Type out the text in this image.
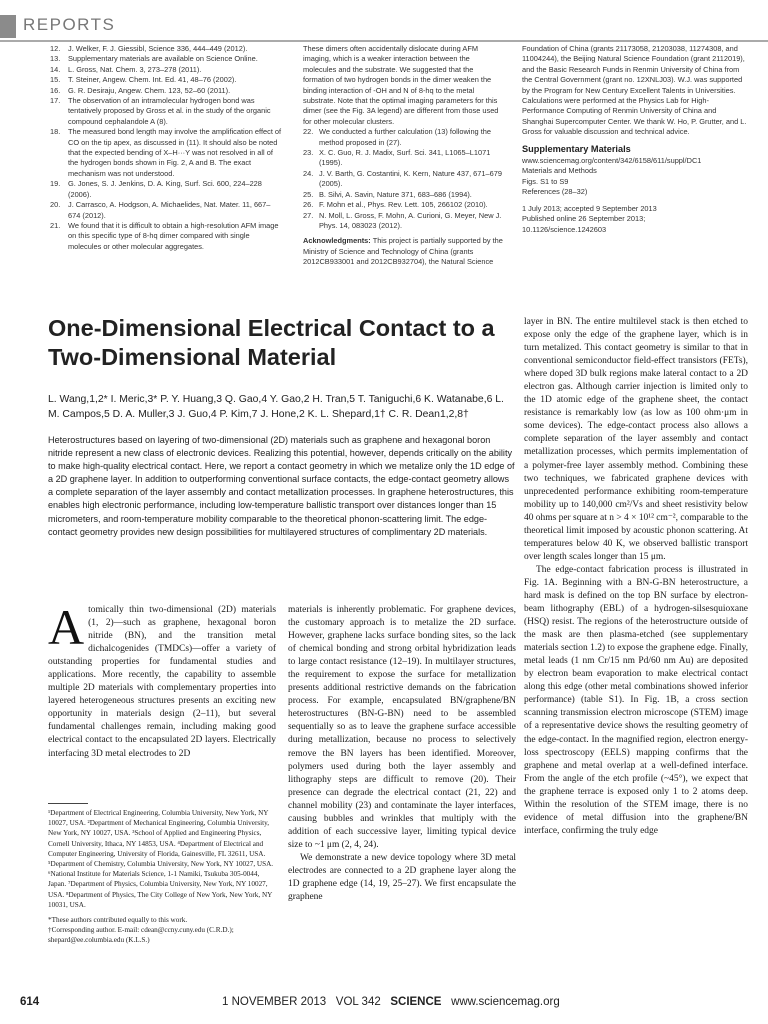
REPORTS
12. J. Welker, F. J. Giessibl, Science 336, 444–449 (2012).
13. Supplementary materials are available on Science Online.
14. L. Gross, Nat. Chem. 3, 273–278 (2011).
15. T. Steiner, Angew. Chem. Int. Ed. 41, 48–76 (2002).
16. G. R. Desiraju, Angew. Chem. 123, 52–60 (2011).
17. The observation of an intramolecular hydrogen bond was tentatively proposed by Gross et al. in the study of the organic compound cephalandole A (8).
18. The measured bond length may involve the amplification effect of CO on the tip apex, as discussed in (11). It should also be noted that the expected bending of X–H···Y was not resolved in all of the hydrogen bonds shown in Fig. 2, A and B. The exact mechanism was not understood.
19. G. Jones, S. J. Jenkins, D. A. King, Surf. Sci. 600, 224–228 (2006).
20. J. Carrasco, A. Hodgson, A. Michaelides, Nat. Mater. 11, 667–674 (2012).
21. We found that it is difficult to obtain a high-resolution AFM image on this specific type of 8-hq dimer compared with single molecules or other molecular aggregates.

These dimers often accidentally dislocate during AFM imaging, which is a weaker interaction between the molecules and the substrate. We suggested that the formation of two hydrogen bonds in the dimer weaken the binding interaction of -OH and N of 8-hq to the metal substrate. Note that the optimal imaging parameters for this dimer (see the Fig. 3A legend) are different from those used for other molecular clusters.

22. We conducted a further calculation (13) following the method proposed in (27).
23. X. C. Guo, R. J. Madix, Surf. Sci. 341, L1065–L1071 (1995).
24. J. V. Barth, G. Costantini, K. Kern, Nature 437, 671–679 (2005).
25. B. Silvi, A. Savin, Nature 371, 683–686 (1994).
26. F. Mohn et al., Phys. Rev. Lett. 105, 266102 (2010).
27. N. Moll, L. Gross, F. Mohn, A. Curioni, G. Meyer, New J. Phys. 14, 083023 (2012).

Acknowledgments: This project is partially supported by the Ministry of Science and Technology of China (grants 2012CB933001 and 2012CB932704), the Natural Science

Foundation of China (grants 21173058, 21203038, 11274308, and 11004244), the Beijing Natural Science Foundation (grant 2112019), and the Basic Research Funds in Renmin University of China from the Central Government (grant no. 12XNLJ03). W.J. was supported by the Program for New Century Excellent Talents in Universities. Calculations were performed at the Physics Lab for High-Performance Computing of Renmin University of China and Shanghai Supercomputer Center. We thank W. Ho, P. Grutter, and L. Gross for valuable discussion and technical advice.

Supplementary Materials

www.sciencemag.org/content/342/6158/611/suppl/DC1

Materials and Methods

Figs. S1 to S9

References (28–32)

1 July 2013; accepted 9 September 2013

Published online 26 September 2013;

10.1126/science.1242603

One-Dimensional Electrical Contact to a Two-Dimensional Material
L. Wang,1,2* I. Meric,3* P. Y. Huang,3 Q. Gao,4 Y. Gao,2 H. Tran,5 T. Taniguchi,6 K. Watanabe,6 L. M. Campos,5 D. A. Muller,3 J. Guo,4 P. Kim,7 J. Hone,2 K. L. Shepard,1† C. R. Dean1,2,8†
Heterostructures based on layering of two-dimensional (2D) materials such as graphene and hexagonal boron nitride represent a new class of electronic devices. Realizing this potential, however, depends critically on the ability to make high-quality electrical contact. Here, we report a contact geometry in which we metalize only the 1D edge of a 2D graphene layer. In addition to outperforming conventional surface contacts, the edge-contact geometry allows a complete separation of the layer assembly and contact metallization processes. In graphene heterostructures, this enables high electronic performance, including low-temperature ballistic transport over distances longer than 15 micrometers, and room-temperature mobility comparable to the theoretical phonon-scattering limit. The edge-contact geometry provides new design possibilities for multilayered structures of complimentary 2D materials.
A tomically thin two-dimensional (2D) materials (1, 2)—such as graphene, hexagonal boron nitride (BN), and the transition metal dichalcogenides (TMDCs)—offer a variety of outstanding properties for fundamental studies and applications. More recently, the capability to assemble multiple 2D materials with complementary properties into layered heterogeneous structures presents an exciting new opportunity in materials design (2–11), but several fundamental challenges remain, including making good electrical contact to the encapsulated 2D layers. Electrically interfacing 3D metal electrodes to 2D

¹Department of Electrical Engineering, Columbia University, New York, NY 10027, USA. ²Department of Mechanical Engineering, Columbia University, New York, NY 10027, USA. ³School of Applied and Engineering Physics, Cornell University, Ithaca, NY 14853, USA. ⁴Department of Electrical and Computer Engineering, University of Florida, Gainesville, FL 32611, USA. ⁵Department of Chemistry, Columbia University, New York, NY 10027, USA. ⁶National Institute for Materials Science, 1-1 Namiki, Tsukuba 305-0044, Japan. ⁷Department of Physics, Columbia University, New York, NY 10027, USA. ⁸Department of Physics, The City College of New York, New York, NY 10031, USA.

*These authors contributed equally to this work.

†Corresponding author. E-mail: cdean@ccny.cuny.edu (C.R.D.); shepard@ee.columbia.edu (K.L.S.)

materials is inherently problematic. For graphene devices, the customary approach is to metalize the 2D surface. However, graphene lacks surface bonding sites, so the lack of chemical bonding and strong orbital hybridization leads to large contact resistance (12–19). In multilayer structures, the requirement to expose the surface for metallization presents additional restrictive demands on the fabrication process. For example, encapsulated BN/graphene/BN heterostructures (BN-G-BN) need to be assembled sequentially so as to leave the graphene surface accessible during metallization, because no process to selectively remove the BN layers has been identified. Moreover, polymers used during both the layer assembly and lithography steps are difficult to remove (20). Their presence can degrade the electrical contact (21, 22) and channel mobility (23) and contaminate the layer interfaces, causing bubbles and wrinkles that multiply with the addition of each successive layer, limiting typical device size to ~1 μm (2, 4, 24).

We demonstrate a new device topology where 3D metal electrodes are connected to a 2D graphene layer along the 1D graphene edge (14, 19, 25–27). We first encapsulate the graphene

layer in BN. The entire multilevel stack is then etched to expose only the edge of the graphene layer, which is in turn metalized. This contact geometry is similar to that in conventional semiconductor field-effect transistors (FETs), where doped 3D bulk regions make lateral contact to a 2D electron gas. Although carrier injection is limited only to the 1D atomic edge of the graphene sheet, the contact resistance is remarkably low (as low as 100 ohm·μm in some devices). The edge-contact process also allows a complete separation of the layer assembly and contact metallization processes, which permits implementation of a polymer-free layer assembly method. Combining these two techniques, we fabricated graphene devices with unprecedented performance exhibiting room-temperature mobility up to 140,000 cm²/Vs and sheet resistivity below 40 ohms per square at n > 4 × 10¹² cm⁻², comparable to the theoretical limit imposed by acoustic phonon scattering. At temperatures below 40 K, we observed ballistic transport over length scales longer than 15 μm.

The edge-contact fabrication process is illustrated in Fig. 1A. Beginning with a BN-G-BN heterostructure, a hard mask is defined on the top BN surface by electron-beam lithography (EBL) of a hydrogen-silsesquioxane (HSQ) resist. The regions of the heterostructure outside of the mask are then plasma-etched (see supplementary materials section 1.2) to expose the graphene edge. Finally, metal leads (1 nm Cr/15 nm Pd/60 nm Au) are deposited by electron beam evaporation to make electrical contact along this edge (other metal combinations showed inferior performance) (table S1). In Fig. 1B, a cross section scanning transmission electron microscope (STEM) image of a representative device shows the resulting geometry of the edge-contact. In the magnified region, electron energy-loss spectroscopy (EELS) mapping confirms that the graphene and metal overlap at a well-defined interface. From the angle of the etch profile (~45°), we expect that the graphene terrace is exposed only 1 to 2 atoms deep. Within the resolution of the STEM image, there is no evidence of metal diffusion into the graphene/BN interface, confirming the truly edge

614	1 NOVEMBER 2013 VOL 342 SCIENCE www.sciencemag.org
